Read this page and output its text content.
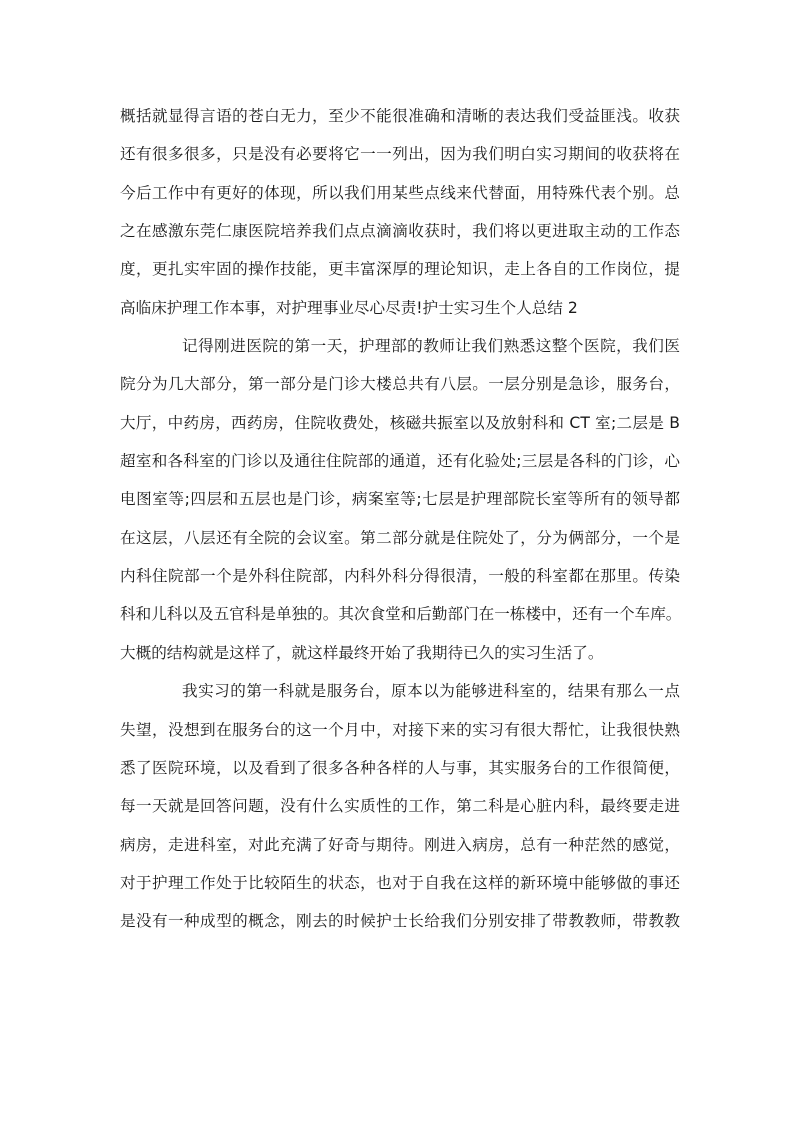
概括就显得言语的苍白无力，至少不能很准确和清晰的表达我们受益匪浅。收获
还有很多很多，只是没有必要将它一一列出，因为我们明白实习期间的收获将在
今后工作中有更好的体现，所以我们用某些点线来代替面，用特殊代表个别。总
之在感激东莞仁康医院培养我们点点滴滴收获时，我们将以更进取主动的工作态
度，更扎实牢固的操作技能，更丰富深厚的理论知识，走上各自的工作岗位，提
高临床护理工作本事，对护理事业尽心尽责!护士实习生个人总结 2
记得刚进医院的第一天，护理部的教师让我们熟悉这整个医院，我们医
院分为几大部分，第一部分是门诊大楼总共有八层。一层分别是急诊，服务台，
大厅，中药房，西药房，住院收费处，核磁共振室以及放射科和 CT 室;二层是 B
超室和各科室的门诊以及通往住院部的通道，还有化验处;三层是各科的门诊，心
电图室等;四层和五层也是门诊，病案室等;七层是护理部院长室等所有的领导都
在这层，八层还有全院的会议室。第二部分就是住院处了，分为俩部分，一个是
内科住院部一个是外科住院部，内科外科分得很清，一般的科室都在那里。传染
科和儿科以及五官科是单独的。其次食堂和后勤部门在一栋楼中，还有一个车库。
大概的结构就是这样了，就这样最终开始了我期待已久的实习生活了。
我实习的第一科就是服务台，原本以为能够进科室的，结果有那么一点
失望，没想到在服务台的这一个月中，对接下来的实习有很大帮忙，让我很快熟
悉了医院环境，以及看到了很多各种各样的人与事，其实服务台的工作很简便，
每一天就是回答问题，没有什么实质性的工作，第二科是心脏内科，最终要走进
病房，走进科室，对此充满了好奇与期待。刚进入病房，总有一种茫然的感觉，
对于护理工作处于比较陌生的状态，也对于自我在这样的新环境中能够做的事还
是没有一种成型的概念，刚去的时候护士长给我们分别安排了带教教师，带教教
